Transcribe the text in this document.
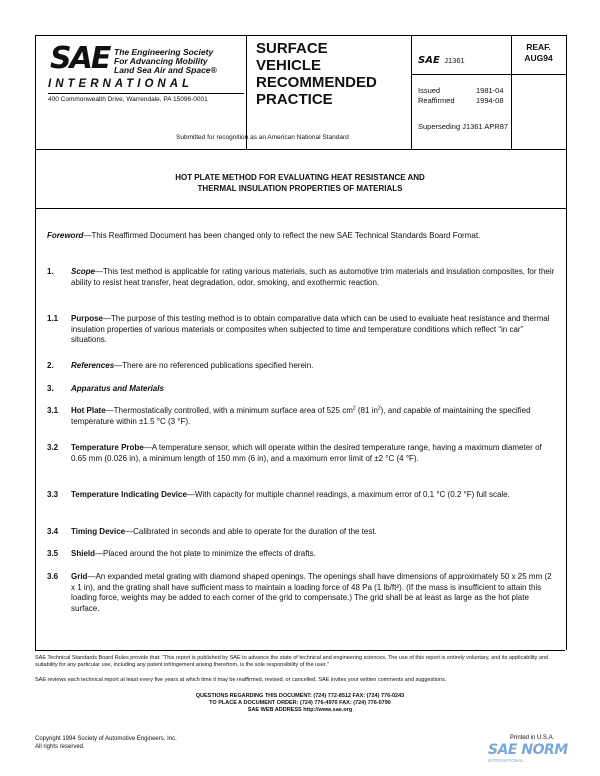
SAE The Engineering Society
For Advancing Mobility
Land Sea Air and Space®
INTERNATIONAL
400 Commonwealth Drive, Warrendale, PA 15096-0001
SURFACE
VEHICLE
RECOMMENDED
PRACTICE
SAE J1361
REAF.
AUG94
Issued	1981-04
Reaffirmed	1994-08
Superseding J1361 APR87
Submitted for recognition as an American National Standard
HOT PLATE METHOD FOR EVALUATING HEAT RESISTANCE AND
THERMAL INSULATION PROPERTIES OF MATERIALS
Foreword—This Reaffirmed Document has been changed only to reflect the new SAE Technical Standards Board Format.
1. Scope—This test method is applicable for rating various materials, such as automotive trim materials and insulation composites, for their ability to resist heat transfer, heat degradation, odor, smoking, and exothermic reaction.
1.1 Purpose—The purpose of this testing method is to obtain comparative data which can be used to evaluate heat resistance and thermal insulation properties of various materials or composites when subjected to time and temperature conditions which reflect “in car” situations.
2. References—There are no referenced publications specified herein.
3. Apparatus and Materials
3.1 Hot Plate—Thermostatically controlled, with a minimum surface area of 525 $cm^2$ (81 $in^2$), and capable of maintaining the specified temperature within ±1.5 °C (3 °F).
3.2 Temperature Probe—A temperature sensor, which will operate within the desired temperature range, having a maximum diameter of 0.65 mm (0.026 in), a minimum length of 150 mm (6 in), and a maximum error limit of ±2 °C (4 °F).
3.3 Temperature Indicating Device—With capacity for multiple channel readings, a maximum error of 0.1 °C (0.2 °F) full scale.
3.4 Timing Device—Calibrated in seconds and able to operate for the duration of the test.
3.5 Shield—Placed around the hot plate to minimize the effects of drafts.
3.6 Grid—An expanded metal grating with diamond shaped openings. The openings shall have dimensions of approximately 50 x 25 mm (2 x 1 in), and the grating shall have sufficient mass to maintain a loading force of 48 Pa (1 lb/ft²). (If the mass is insufficient to attain this loading force, weights may be added to each corner of the grid to compensate.) The grid shall be at least as large as the hot plate surface.
SAE Technical Standards Board Rules provide that: “This report is published by SAE to advance the state of technical and engineering sciences. The use of this report is entirely voluntary, and its applicability and suitability for any particular use, including any patent infringement arising therefrom, is the sole responsibility of the user.”
SAE reviews each technical report at least every five years at which time it may be reaffirmed, revised, or cancelled. SAE invites your written comments and suggestions.
QUESTIONS REGARDING THIS DOCUMENT: (724) 772-8512 FAX: (724) 776-0243
TO PLACE A DOCUMENT ORDER: (724) 776-4970 FAX: (724) 776-0790
SAE WEB ADDRESS http://www.sae.org
Copyright 1994 Society of Automotive Engineers, Inc.
All rights reserved.
Printed in U.S.A.
SAE NORM
INTERNATIONAL
